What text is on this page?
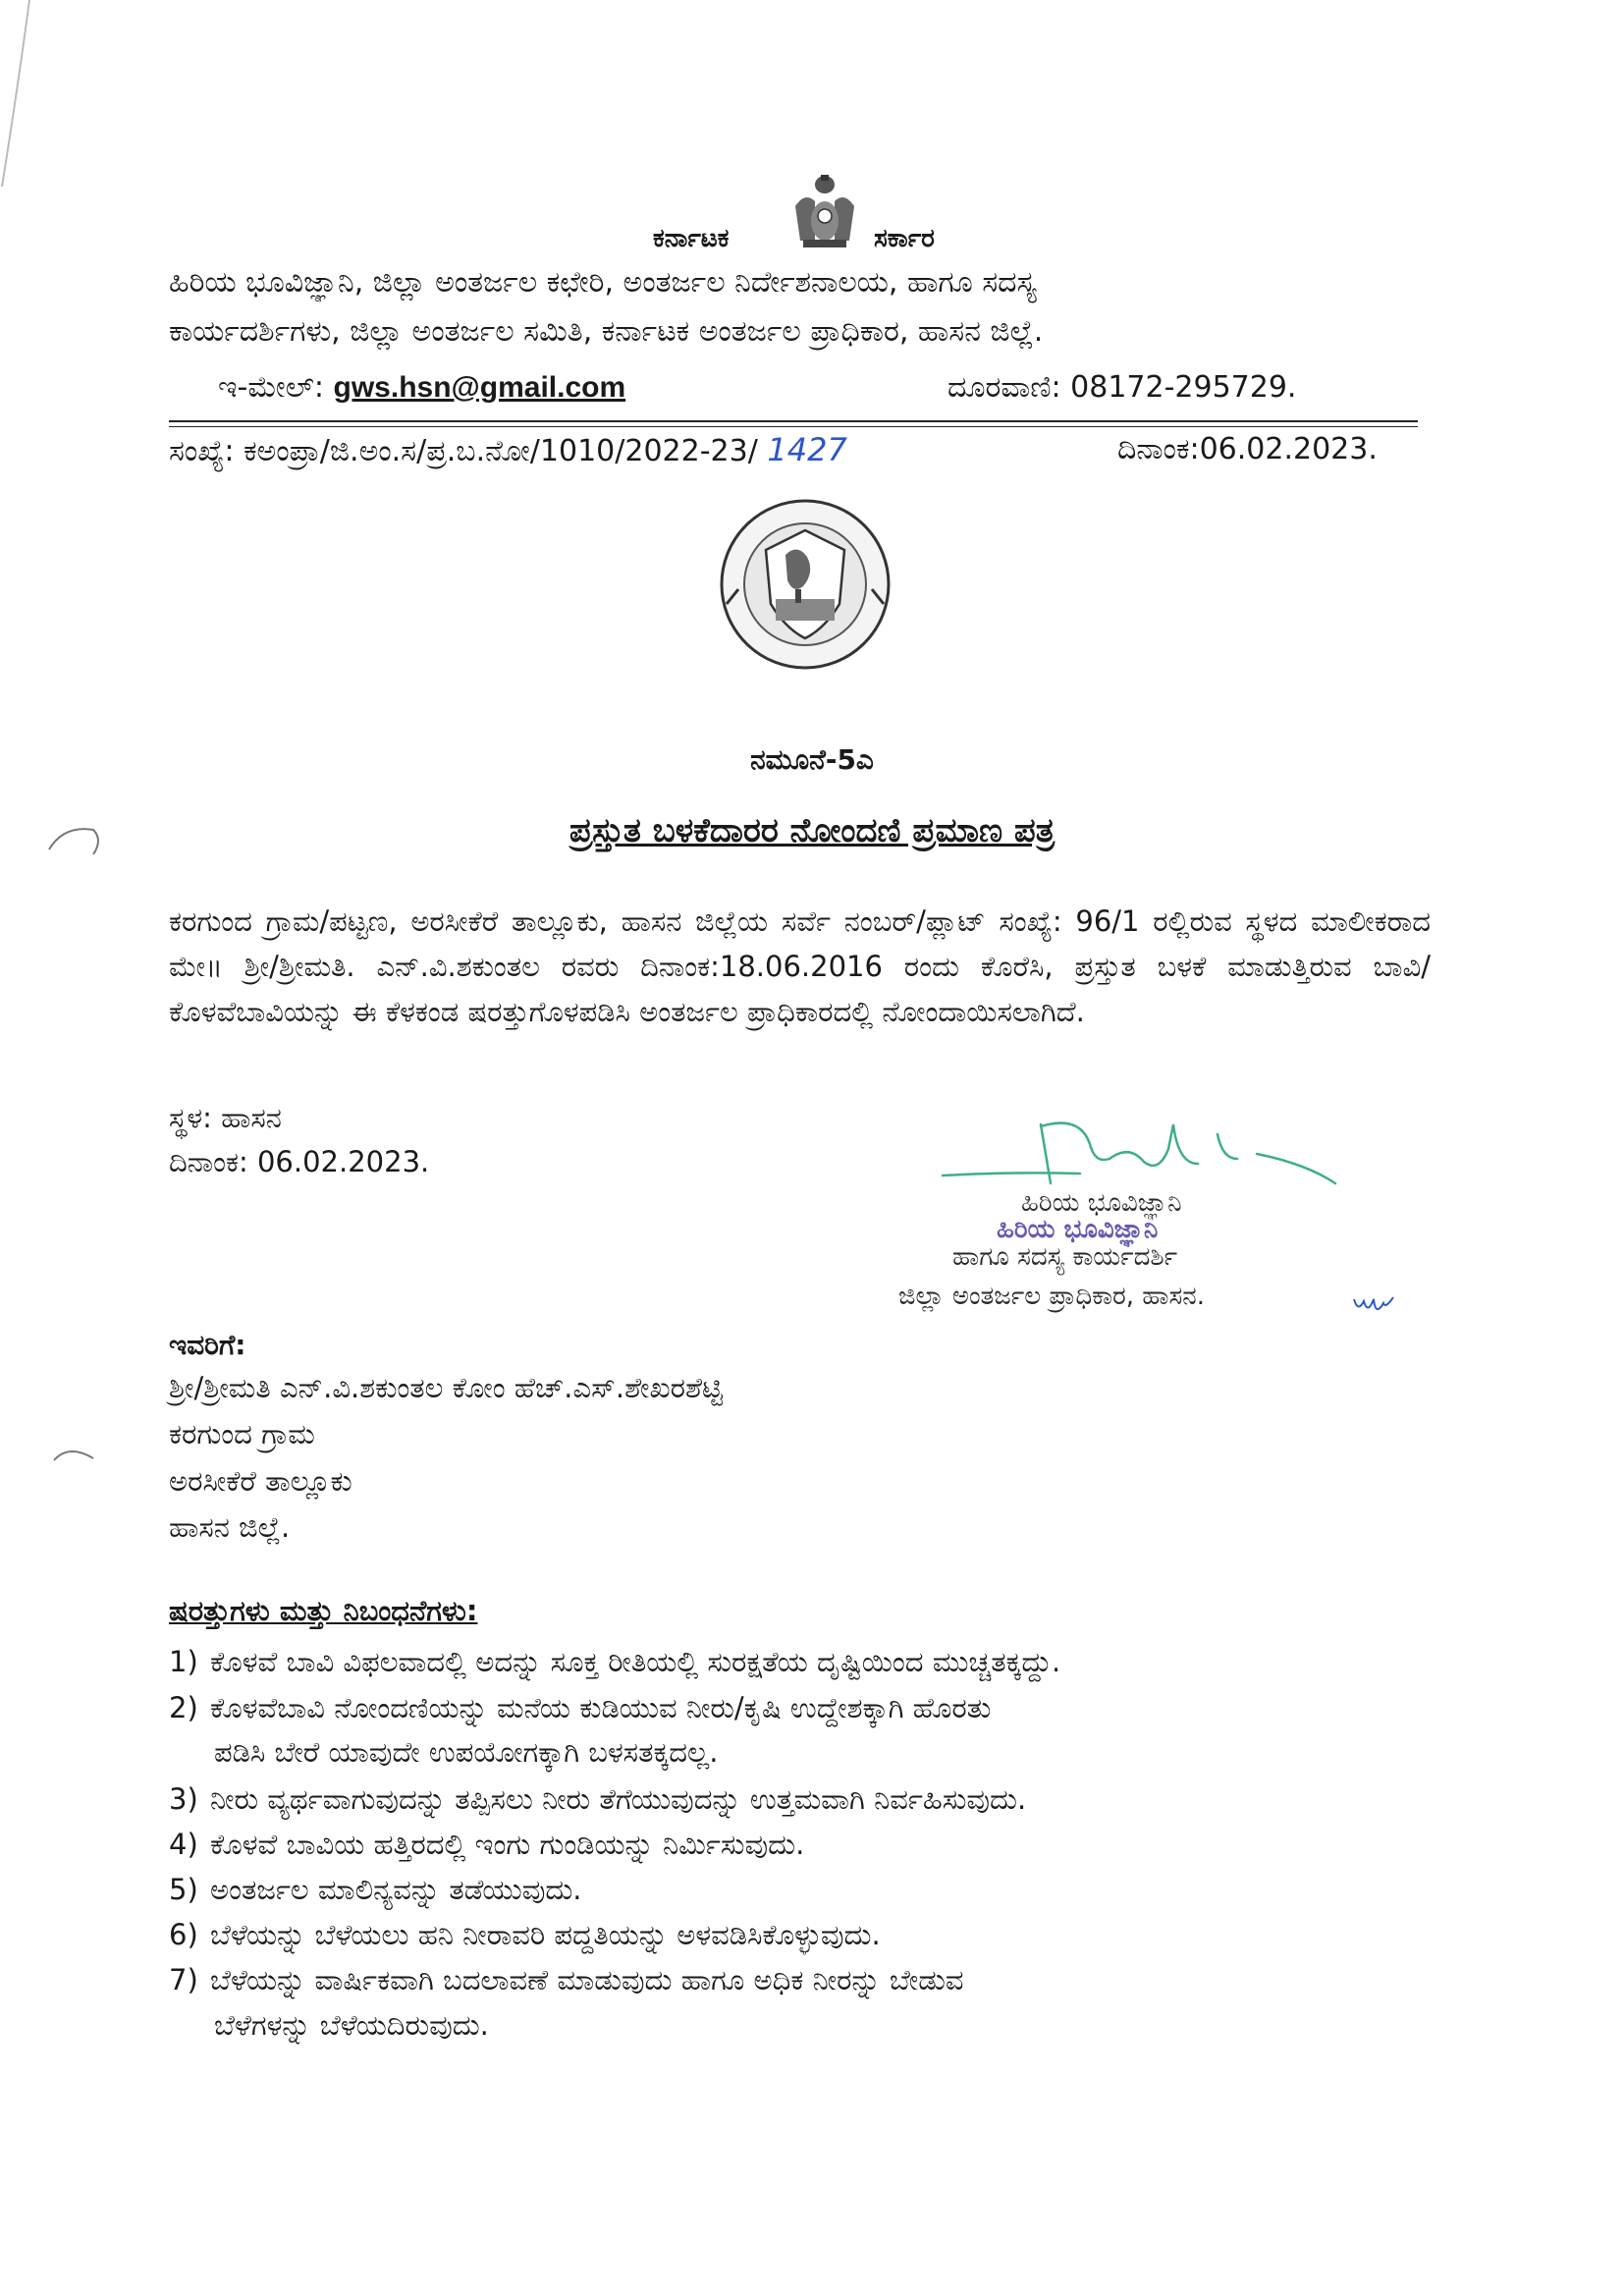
ಕರ್ನಾಟಕ	ಸರ್ಕಾರ
ಹಿರಿಯ ಭೂವಿಜ್ಞಾನಿ, ಜಿಲ್ಲಾ ಅಂತರ್ಜಲ ಕಛೇರಿ, ಅಂತರ್ಜಲ ನಿರ್ದೇಶನಾಲಯ, ಹಾಗೂ ಸದಸ್ಯ
ಕಾರ್ಯದರ್ಶಿಗಳು, ಜಿಲ್ಲಾ ಅಂತರ್ಜಲ ಸಮಿತಿ, ಕರ್ನಾಟಕ ಅಂತರ್ಜಲ ಪ್ರಾಧಿಕಾರ, ಹಾಸನ ಜಿಲ್ಲೆ.
ಇ-ಮೇಲ್: gws.hsn@gmail.com	ದೂರವಾಣಿ: 08172-295729.
ಸಂಖ್ಯೆ: ಕಅಂಪ್ರಾ/ಜಿ.ಅಂ.ಸ/ಪ್ರ.ಬ.ನೋ/1010/2022-23/ 1427	ದಿನಾಂಕ:06.02.2023.
ನಮೂನೆ-5ಎ
ಪ್ರಸ್ತುತ ಬಳಕೆದಾರರ ನೋಂದಣಿ ಪ್ರಮಾಣ ಪತ್ರ
ಕರಗುಂದ ಗ್ರಾಮ/ಪಟ್ಟಣ, ಅರಸೀಕೆರೆ ತಾಲ್ಲೂಕು, ಹಾಸನ ಜಿಲ್ಲೆಯ ಸರ್ವೆ ನಂಬರ್/ಪ್ಲಾಟ್ ಸಂಖ್ಯೆ: 96/1 ರಲ್ಲಿರುವ ಸ್ಥಳದ ಮಾಲೀಕರಾದ ಮೇ॥ ಶ್ರೀ/ಶ್ರೀಮತಿ. ಎನ್.ವಿ.ಶಕುಂತಲ ರವರು ದಿನಾಂಕ:18.06.2016 ರಂದು ಕೊರೆಸಿ, ಪ್ರಸ್ತುತ ಬಳಕೆ ಮಾಡುತ್ತಿರುವ ಬಾವಿ/ಕೊಳವೆಬಾವಿಯನ್ನು ಈ ಕೆಳಕಂಡ ಷರತ್ತುಗೊಳಪಡಿಸಿ ಅಂತರ್ಜಲ ಪ್ರಾಧಿಕಾರದಲ್ಲಿ ನೋಂದಾಯಿಸಲಾಗಿದೆ.
ಸ್ಥಳ: ಹಾಸನ
ದಿನಾಂಕ: 06.02.2023.
ಹಿರಿಯ ಭೂವಿಜ್ಞಾನಿ
ಹಿರಿಯ ಭೂವಿಜ್ಞಾನಿ
ಹಾಗೂ ಸದಸ್ಯ ಕಾರ್ಯದರ್ಶಿ
ಜಿಲ್ಲಾ ಅಂತರ್ಜಲ ಪ್ರಾಧಿಕಾರ, ಹಾಸನ.
ಇವರಿಗೆ:
ಶ್ರೀ/ಶ್ರೀಮತಿ ಎನ್.ವಿ.ಶಕುಂತಲ ಕೋಂ ಹೆಚ್.ಎಸ್.ಶೇಖರಶೆಟ್ಟಿ
ಕರಗುಂದ ಗ್ರಾಮ
ಅರಸೀಕೆರೆ ತಾಲ್ಲೂಕು
ಹಾಸನ ಜಿಲ್ಲೆ.
ಷರತ್ತುಗಳು ಮತ್ತು ನಿಬಂಧನೆಗಳು:
1) ಕೊಳವೆ ಬಾವಿ ವಿಫಲವಾದಲ್ಲಿ ಅದನ್ನು ಸೂಕ್ತ ರೀತಿಯಲ್ಲಿ ಸುರಕ್ಷತೆಯ ದೃಷ್ಟಿಯಿಂದ ಮುಚ್ಚತಕ್ಕದ್ದು.
2) ಕೊಳವೆಬಾವಿ ನೋಂದಣಿಯನ್ನು ಮನೆಯ ಕುಡಿಯುವ ನೀರು/ಕೃಷಿ ಉದ್ದೇಶಕ್ಕಾಗಿ ಹೊರತು
ಪಡಿಸಿ ಬೇರೆ ಯಾವುದೇ ಉಪಯೋಗಕ್ಕಾಗಿ ಬಳಸತಕ್ಕದಲ್ಲ.
3) ನೀರು ವ್ಯರ್ಥವಾಗುವುದನ್ನು ತಪ್ಪಿಸಲು ನೀರು ತೆಗೆಯುವುದನ್ನು ಉತ್ತಮವಾಗಿ ನಿರ್ವಹಿಸುವುದು.
4) ಕೊಳವೆ ಬಾವಿಯ ಹತ್ತಿರದಲ್ಲಿ ಇಂಗು ಗುಂಡಿಯನ್ನು ನಿರ್ಮಿಸುವುದು.
5) ಅಂತರ್ಜಲ ಮಾಲಿನ್ಯವನ್ನು ತಡೆಯುವುದು.
6) ಬೆಳೆಯನ್ನು ಬೆಳೆಯಲು ಹನಿ ನೀರಾವರಿ ಪದ್ದತಿಯನ್ನು ಅಳವಡಿಸಿಕೊಳ್ಳುವುದು.
7) ಬೆಳೆಯನ್ನು ವಾರ್ಷಿಕವಾಗಿ ಬದಲಾವಣೆ ಮಾಡುವುದು ಹಾಗೂ ಅಧಿಕ ನೀರನ್ನು ಬೇಡುವ
ಬೆಳೆಗಳನ್ನು ಬೆಳೆಯದಿರುವುದು.
